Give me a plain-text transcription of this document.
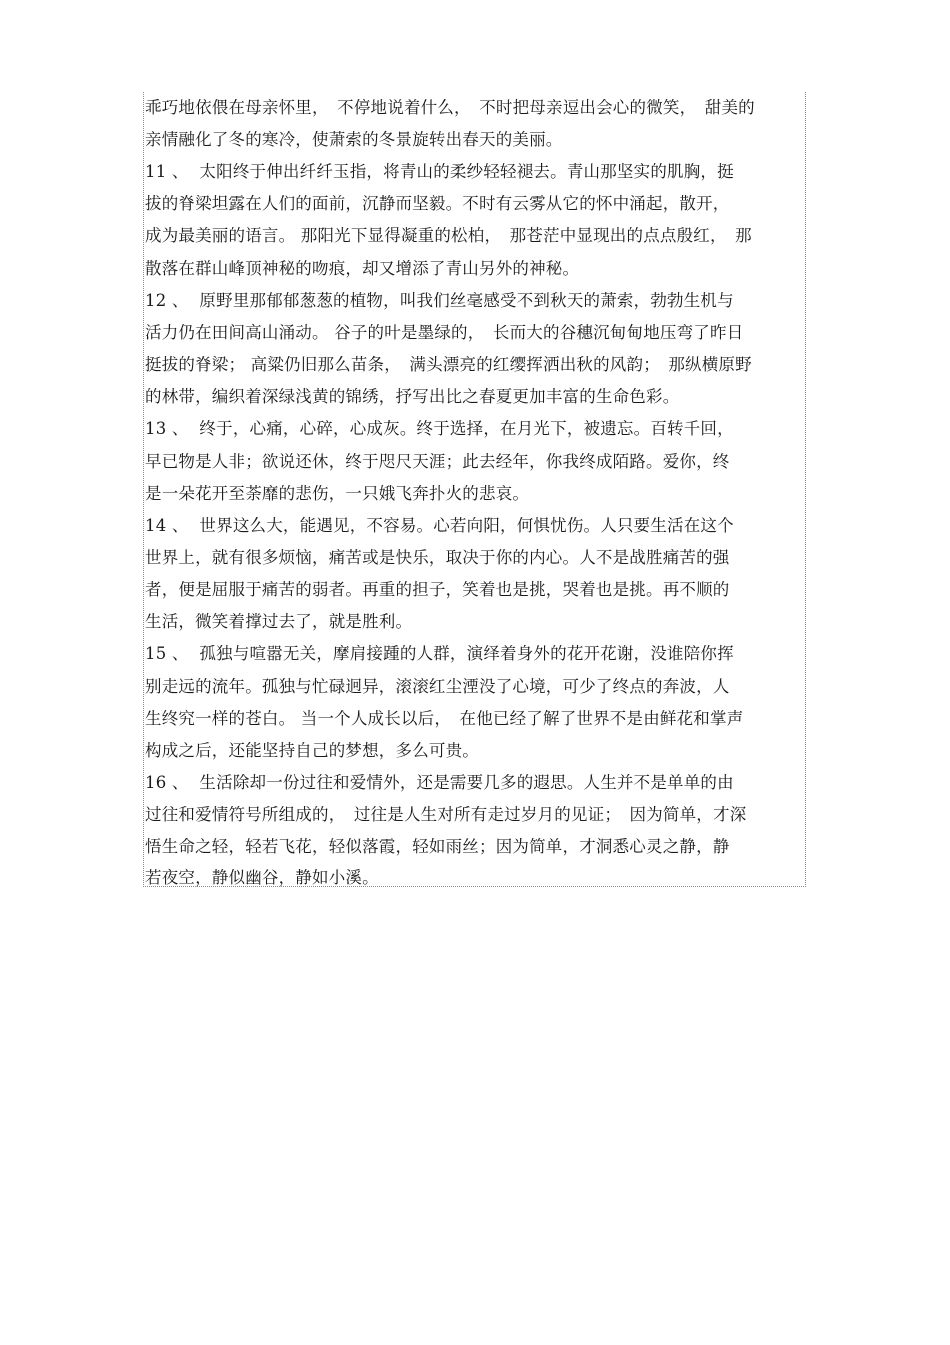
乖巧地依偎在母亲怀里，　不停地说着什么，　不时把母亲逗出会心的微笑，　甜美的
亲情融化了冬的寒冷，使萧索的冬景旋转出春天的美丽。
11 、  太阳终于伸出纤纤玉指，将青山的柔纱轻轻褪去。青山那坚实的肌胸，挺
拔的脊梁坦露在人们的面前，沉静而坚毅。不时有云雾从它的怀中涌起，散开，
成为最美丽的语言。 那阳光下显得凝重的松柏，　那苍茫中显现出的点点殷红，　那
散落在群山峰顶神秘的吻痕，却又增添了青山另外的神秘。
12 、  原野里那郁郁葱葱的植物，叫我们丝毫感受不到秋天的萧索，勃勃生机与
活力仍在田间高山涌动。 谷子的叶是墨绿的，　长而大的谷穗沉甸甸地压弯了昨日
挺拔的脊梁； 高粱仍旧那么苗条，　满头漂亮的红缨挥洒出秋的风韵；　那纵横原野
的林带，编织着深绿浅黄的锦绣，抒写出比之春夏更加丰富的生命色彩。
13 、  终于，心痛，心碎，心成灰。终于选择，在月光下，被遗忘。百转千回，
早已物是人非；欲说还休，终于咫尺天涯；此去经年，你我终成陌路。爱你，终
是一朵花开至荼靡的悲伤，一只娥飞奔扑火的悲哀。
14 、  世界这么大，能遇见，不容易。心若向阳，何惧忧伤。人只要生活在这个
世界上，就有很多烦恼，痛苦或是快乐，取决于你的内心。人不是战胜痛苦的强
者，便是屈服于痛苦的弱者。再重的担子，笑着也是挑，哭着也是挑。再不顺的
生活，微笑着撑过去了，就是胜利。
15 、  孤独与喧嚣无关，摩肩接踵的人群，演绎着身外的花开花谢，没谁陪你挥
别走远的流年。孤独与忙碌迥异，滚滚红尘湮没了心境，可少了终点的奔波，人
生终究一样的苍白。 当一个人成长以后，　在他已经了解了世界不是由鲜花和掌声
构成之后，还能坚持自己的梦想，多么可贵。
16 、  生活除却一份过往和爱情外，还是需要几多的遐思。人生并不是单单的由
过往和爱情符号所组成的，　过往是人生对所有走过岁月的见证；　因为简单，才深
悟生命之轻，轻若飞花，轻似落霞，轻如雨丝；因为简单，才洞悉心灵之静，静
若夜空，静似幽谷，静如小溪。
